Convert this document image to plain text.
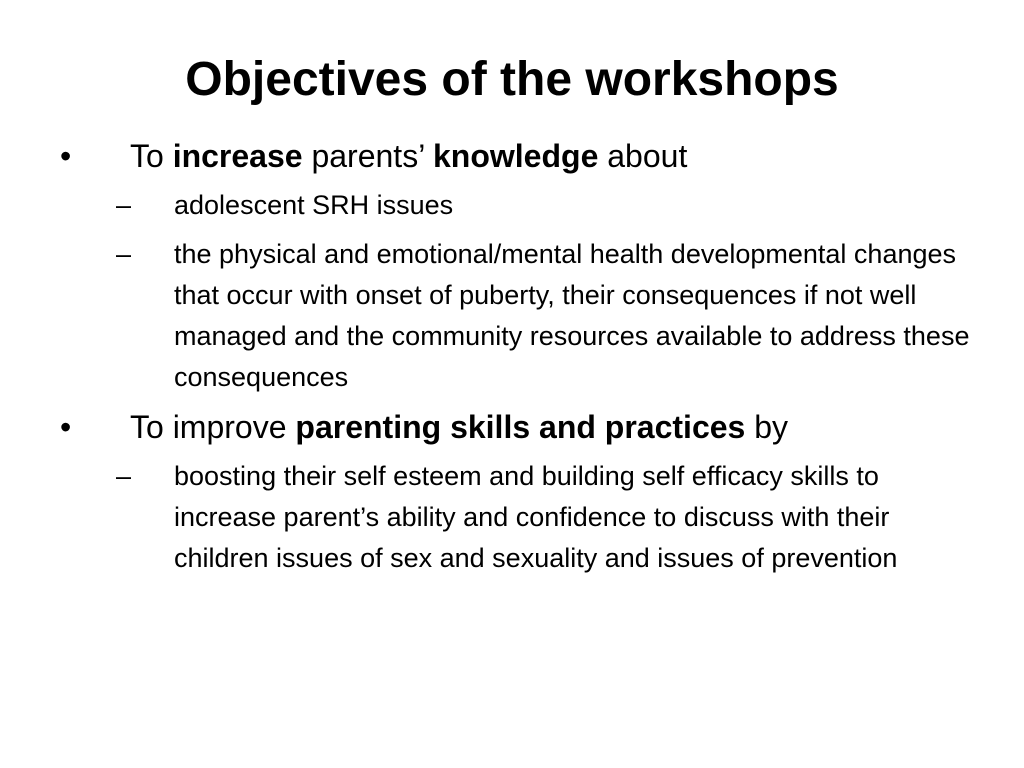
Objectives of the workshops
•	To increase parents’ knowledge about
–	adolescent SRH issues
–	the physical and emotional/mental health developmental changes that occur with onset of puberty, their consequences if not well managed and the community resources available to address these consequences
•	To improve parenting skills and practices by
–	boosting their self esteem and building self efficacy skills to increase parent’s ability and confidence to discuss with their children issues of sex and sexuality and issues of prevention
